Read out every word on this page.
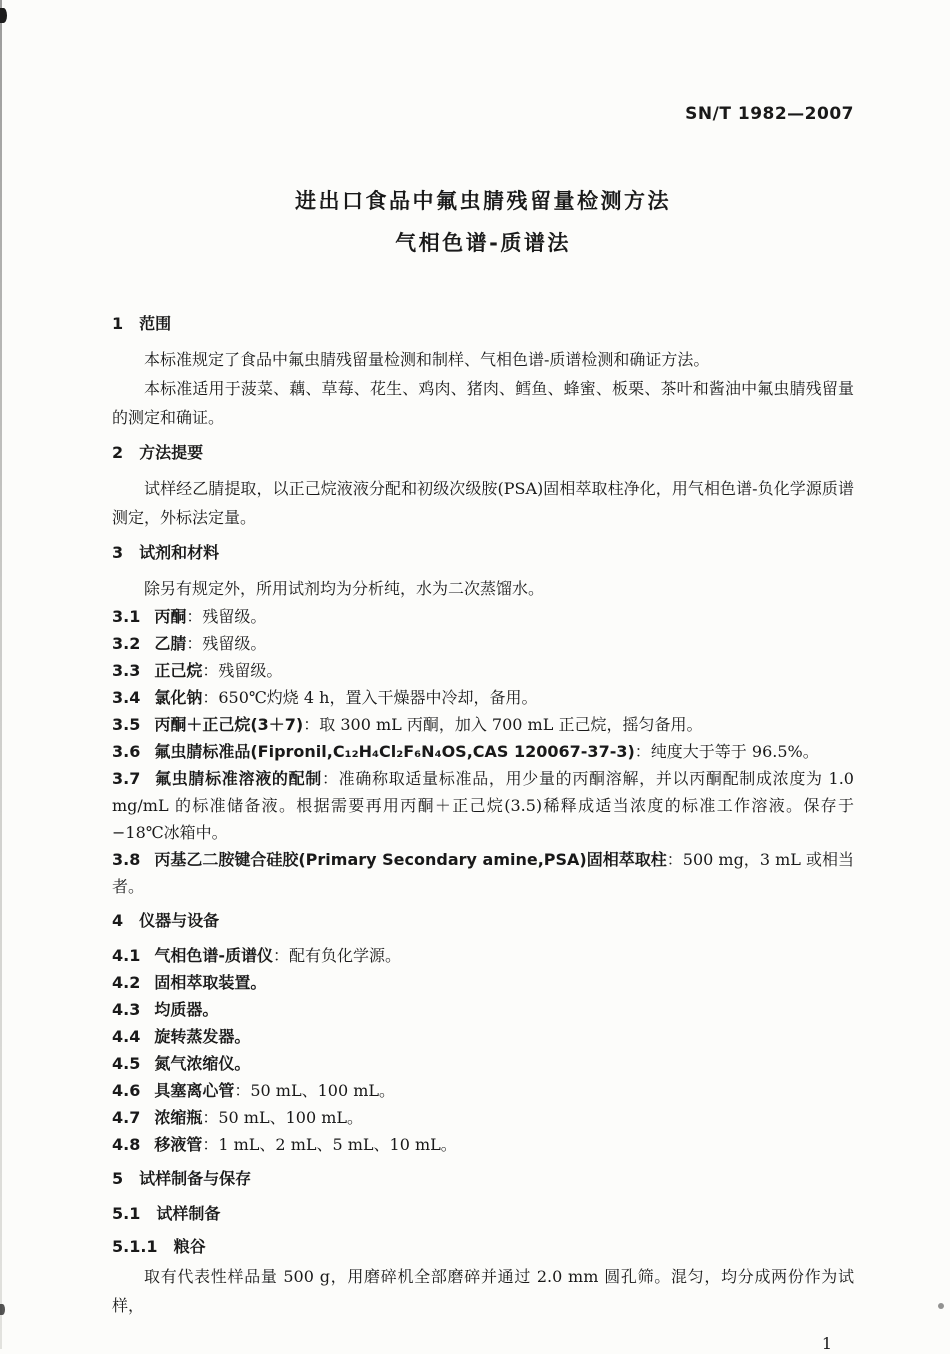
SN/T 1982—2007
进出口食品中氟虫腈残留量检测方法
气相色谱-质谱法
1 范围

本标准规定了食品中氟虫腈残留量检测和制样、气相色谱-质谱检测和确证方法。

本标准适用于菠菜、藕、草莓、花生、鸡肉、猪肉、鳕鱼、蜂蜜、板栗、茶叶和酱油中氟虫腈残留量的测定和确证。

2 方法提要

试样经乙腈提取，以正己烷液液分配和初级次级胺(PSA)固相萃取柱净化，用气相色谱-负化学源质谱测定，外标法定量。

3 试剂和材料

除另有规定外，所用试剂均为分析纯，水为二次蒸馏水。

3.1 丙酮：残留级。
3.2 乙腈：残留级。
3.3 正己烷：残留级。
3.4 氯化钠：650℃灼烧 4 h，置入干燥器中冷却，备用。
3.5 丙酮＋正己烷(3＋7)：取 300 mL 丙酮，加入 700 mL 正己烷，摇匀备用。
3.6 氟虫腈标准品(Fipronil,C₁₂H₄Cl₂F₆N₄OS,CAS 120067-37-3)：纯度大于等于 96.5%。
3.7 氟虫腈标准溶液的配制：准确称取适量标准品，用少量的丙酮溶解，并以丙酮配制成浓度为 1.0 mg/mL 的标准储备液。根据需要再用丙酮＋正己烷(3.5)稀释成适当浓度的标准工作溶液。保存于−18℃冰箱中。
3.8 丙基乙二胺键合硅胶(Primary Secondary amine,PSA)固相萃取柱：500 mg，3 mL 或相当者。
4 仪器与设备
4.1 气相色谱-质谱仪：配有负化学源。
4.2 固相萃取装置。
4.3 均质器。
4.4 旋转蒸发器。
4.5 氮气浓缩仪。
4.6 具塞离心管：50 mL、100 mL。
4.7 浓缩瓶：50 mL、100 mL。
4.8 移液管：1 mL、2 mL、5 mL、10 mL。
5 试样制备与保存
5.1 试样制备
5.1.1 粮谷

取有代表性样品量 500 g，用磨碎机全部磨碎并通过 2.0 mm 圆孔筛。混匀，均分成两份作为试样，

1
